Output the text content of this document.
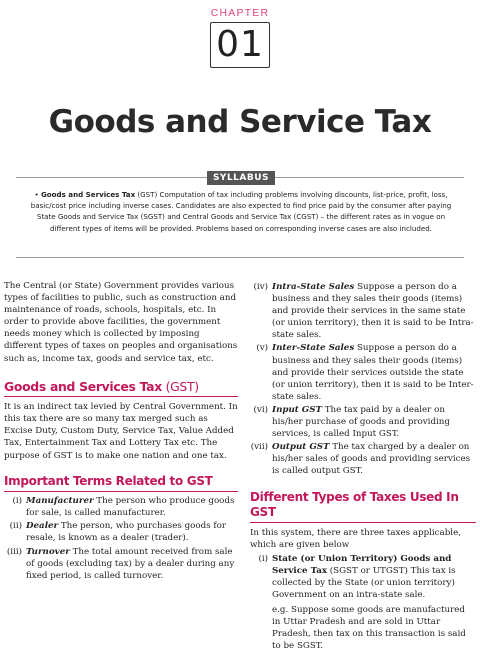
CHAPTER
01
Goods and Service Tax
SYLLABUS
• Goods and Services Tax (GST) Computation of tax including problems involving discounts, list-price, profit, loss, basic/cost price including inverse cases. Candidates are also expected to find price paid by the consumer after paying State Goods and Service Tax (SGST) and Central Goods and Service Tax (CGST) – the different rates as in vogue on different types of items will be provided. Problems based on corresponding inverse cases are also included.

The Central (or State) Government provides various types of facilities to public, such as construction and maintenance of roads, schools, hospitals, etc. In order to provide above facilities, the government needs money which is collected by imposing different types of taxes on peoples and organisations such as, income tax, goods and service tax, etc.

Goods and Services Tax (GST)

It is an indirect tax levied by Central Government. In this tax there are so many tax merged such as Excise Duty, Custom Duty, Service Tax, Value Added Tax, Entertainment Tax and Lottery Tax etc. The purpose of GST is to make one nation and one tax.

Important Terms Related to GST
(i) Manufacturer The person who produce goods for sale, is called manufacturer.
(ii) Dealer The person, who purchases goods for resale, is known as a dealer (trader).
(iii) Turnover The total amount received from sale of goods (excluding tax) by a dealer during any fixed period, is called turnover.
(iv) Intra-State Sales Suppose a person do a business and they sales their goods (items) and provide their services in the same state (or union territory), then it is said to be Intra-state sales.
(v) Inter-State Sales Suppose a person do a business and they sales their goods (items) and provide their services outside the state (or union territory), then it is said to be Inter-state sales.
(vi) Input GST The tax paid by a dealer on his/her purchase of goods and providing services, is called Input GST.
(vii) Output GST The tax charged by a dealer on his/her sales of goods and providing services is called output GST.
Different Types of Taxes Used In GST

In this system, there are three taxes applicable, which are given below

(i) State (or Union Territory) Goods and Service Tax (SGST or UTGST) This tax is collected by the State (or union territory) Government on an intra-state sale.

e.g. Suppose some goods are manufactured in Uttar Pradesh and are sold in Uttar Pradesh, then tax on this transaction is said to be SGST.
